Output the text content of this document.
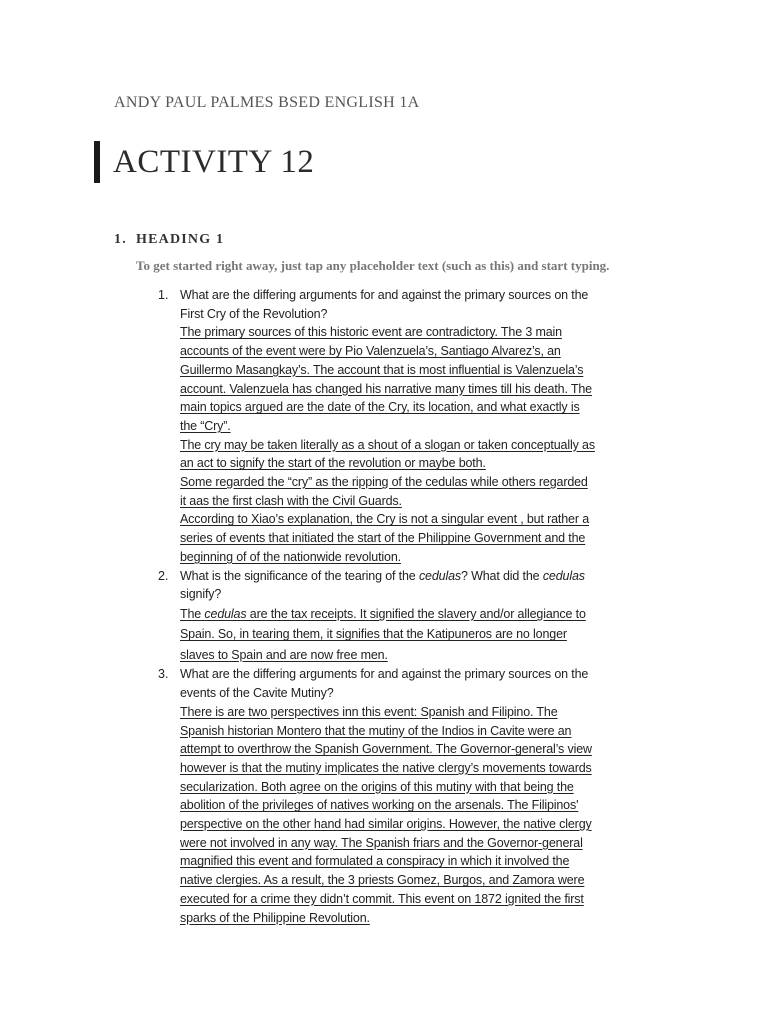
ANDY PAUL PALMES BSED ENGLISH 1A
ACTIVITY 12
1. HEADING 1
To get started right away, just tap any placeholder text (such as this) and start typing.
1. What are the differing arguments for and against the primary sources on the
First Cry of the Revolution?
The primary sources of this historic event are contradictory. The 3 main
accounts of the event were by Pio Valenzuela’s, Santiago Alvarez’s, an
Guillermo Masangkay’s. The account that is most influential is Valenzuela’s
account. Valenzuela has changed his narrative many times till his death. The
main topics argued are the date of the Cry, its location, and what exactly is
the “Cry”.
The cry may be taken literally as a shout of a slogan or taken conceptually as
an act to signify the start of the revolution or maybe both.
Some regarded the “cry” as the ripping of the cedulas while others regarded
it aas the first clash with the Civil Guards.
According to Xiao’s explanation, the Cry is not a singular event , but rather a
series of events that initiated the start of the Philippine Government and the
beginning of of the nationwide revolution.
2. What is the significance of the tearing of the cedulas? What did the cedulas
signify?
The cedulas are the tax receipts. It signified the slavery and/or allegiance to
Spain. So, in tearing them, it signifies that the Katipuneros are no longer
slaves to Spain and are now free men.
3. What are the differing arguments for and against the primary sources on the
events of the Cavite Mutiny?
There is are two perspectives inn this event: Spanish and Filipino. The
Spanish historian Montero that the mutiny of the Indios in Cavite were an
attempt to overthrow the Spanish Government. The Governor-general’s view
however is that the mutiny implicates the native clergy’s movements towards
secularization. Both agree on the origins of this mutiny with that being the
abolition of the privileges of natives working on the arsenals. The Filipinos'
perspective on the other hand had similar origins. However, the native clergy
were not involved in any way. The Spanish friars and the Governor-general
magnified this event and formulated a conspiracy in which it involved the
native clergies. As a result, the 3 priests Gomez, Burgos, and Zamora were
executed for a crime they didn’t commit. This event on 1872 ignited the first
sparks of the Philippine Revolution.
